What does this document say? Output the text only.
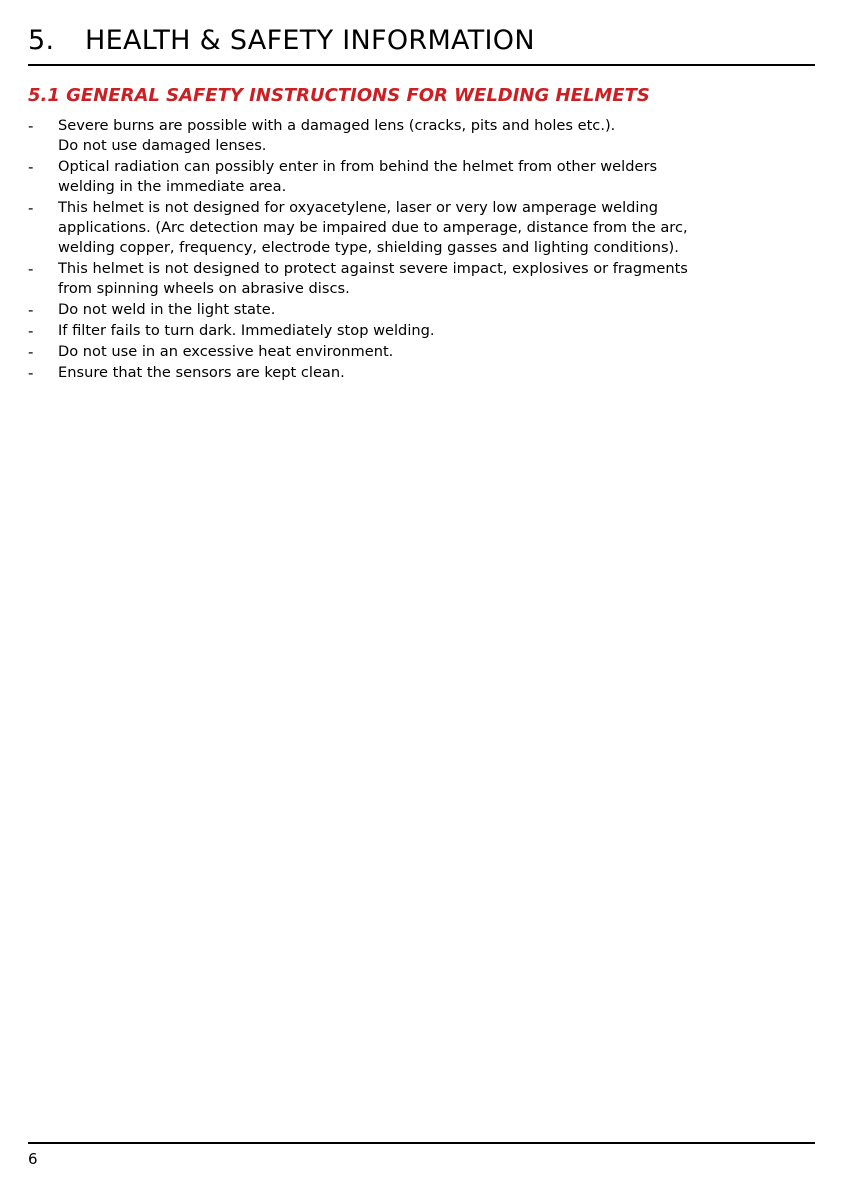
5. HEALTH & SAFETY INFORMATION
5.1 GENERAL SAFETY INSTRUCTIONS FOR WELDING HELMETS
- Severe burns are possible with a damaged lens (cracks, pits and holes etc.).
Do not use damaged lenses.
- Optical radiation can possibly enter in from behind the helmet from other welders
welding in the immediate area.
- This helmet is not designed for oxyacetylene, laser or very low amperage welding
applications. (Arc detection may be impaired due to amperage, distance from the arc,
welding copper, frequency, electrode type, shielding gasses and lighting conditions).
- This helmet is not designed to protect against severe impact, explosives or fragments
from spinning wheels on abrasive discs.
- Do not weld in the light state.
- If filter fails to turn dark. Immediately stop welding.
- Do not use in an excessive heat environment.
- Ensure that the sensors are kept clean.
6
